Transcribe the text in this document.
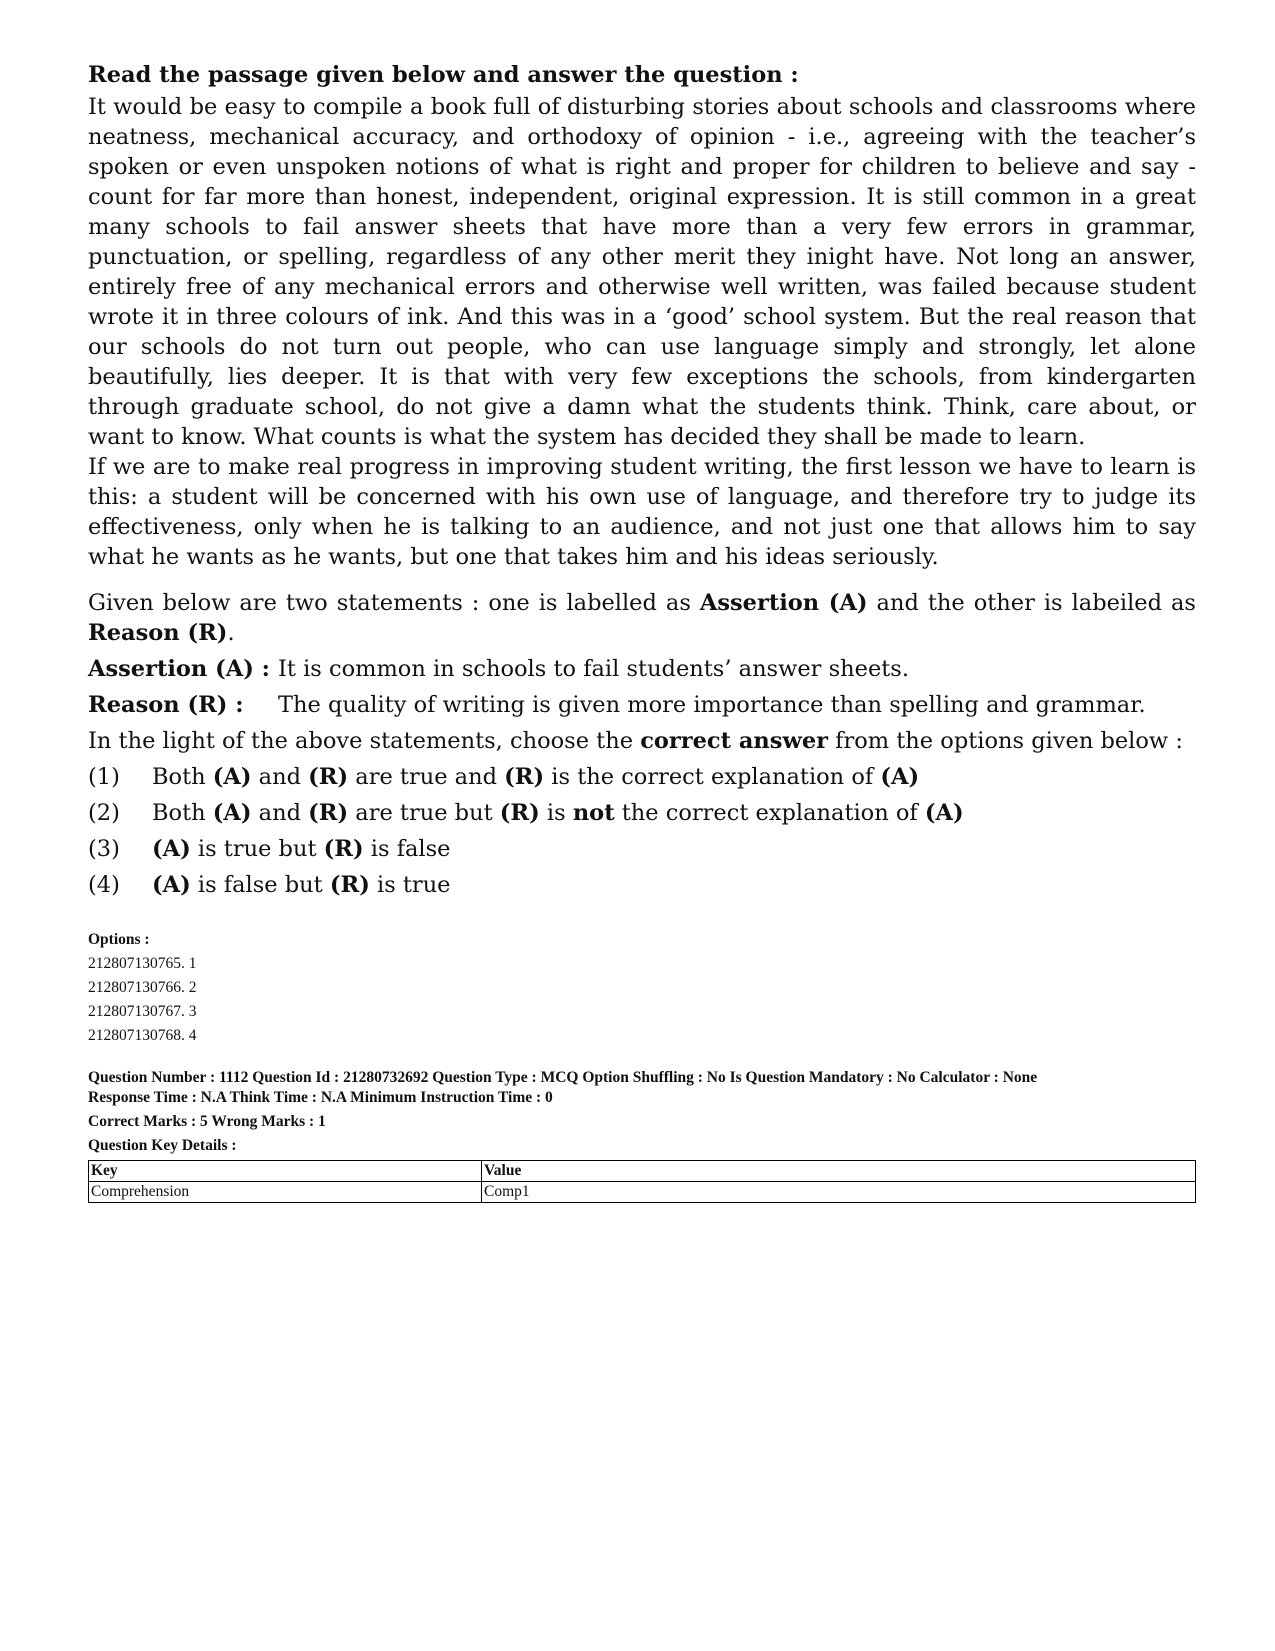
Read the passage given below and answer the question :

It would be easy to compile a book full of disturbing stories about schools and classrooms where neatness, mechanical accuracy, and orthodoxy of opinion - i.e., agreeing with the teacher’s spoken or even unspoken notions of what is right and proper for children to believe and say - count for far more than honest, independent, original expression. It is still common in a great many schools to fail answer sheets that have more than a very few errors in grammar, punctuation, or spelling, regardless of any other merit they inight have. Not long an answer, entirely free of any mechanical errors and otherwise well written, was failed because student wrote it in three colours of ink. And this was in a ‘good’ school system. But the real reason that our schools do not turn out people, who can use language simply and strongly, let alone beautifully, lies deeper. It is that with very few exceptions the schools, from kindergarten through graduate school, do not give a damn what the students think. Think, care about, or want to know. What counts is what the system has decided they shall be made to learn.

If we are to make real progress in improving student writing, the first lesson we have to learn is this: a student will be concerned with his own use of language, and therefore try to judge its effectiveness, only when he is talking to an audience, and not just one that allows him to say what he wants as he wants, but one that takes him and his ideas seriously.

Given below are two statements : one is labelled as Assertion (A) and the other is labeiled as Reason (R).

Assertion (A) : It is common in schools to fail students’ answer sheets.
Reason (R) :	The quality of writing is given more importance than spelling and grammar.

In the light of the above statements, choose the correct answer from the options given below :

(1)	Both (A) and (R) are true and (R) is the correct explanation of (A)
(2)	Both (A) and (R) are true but (R) is not the correct explanation of (A)
(3)	(A) is true but (R) is false
(4)	(A) is false but (R) is true
Options :
212807130765. 1
212807130766. 2
212807130767. 3
212807130768. 4
Question Number : 1112 Question Id : 21280732692 Question Type : MCQ Option Shuffling : No Is Question Mandatory : No Calculator : None
Response Time : N.A Think Time : N.A Minimum Instruction Time : 0
Correct Marks : 5 Wrong Marks : 1
Question Key Details :
Key	Value
Comprehension	Comp1
